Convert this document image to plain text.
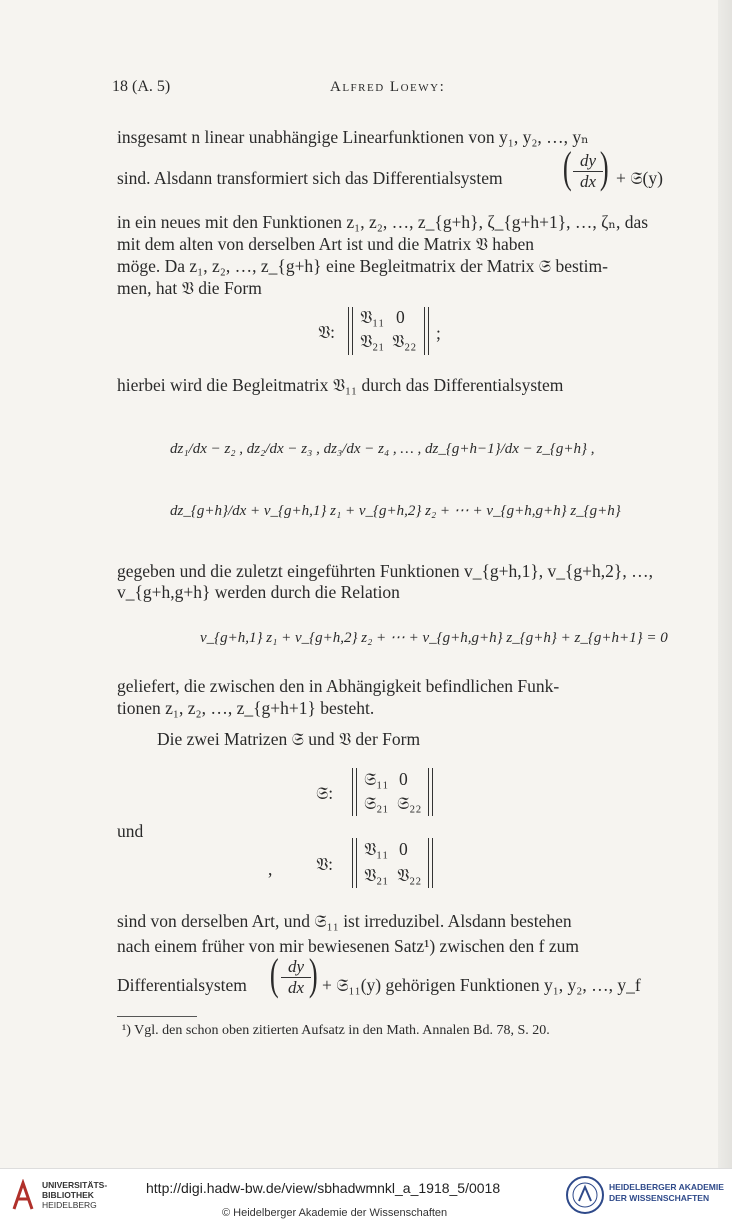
18 (A. 5)	Alfred Loewy:
insgesamt n linear unabhängige Linearfunktionen von y₁, y₂, …, yₙ
sind. Alsdann transformiert sich das Differentialsystem ( $\frac{dy}{dx}$
) + 𝔖(y)
in ein neues mit den Funktionen z₁, z₂, …, z_{g+h}, ζ_{g+h+1}, …, ζₙ, das
mit dem alten von derselben Art ist und die Matrix 𝔙 haben
möge. Da z₁, z₂, …, z_{g+h} eine Begleitmatrix der Matrix 𝔖 bestim-
men, hat 𝔙 die Form
𝔙:
𝔙₁₁ 0
𝔙₂₁ 𝔙₂₂ ;
hierbei wird die Begleitmatrix 𝔙₁₁ durch das Differentialsystem
dz₁/dx − z₂ , dz₂/dx − z₃ , dz₃/dx − z₄ , … , dz_{g+h−1}/dx − z_{g+h} ,
dz_{g+h}/dx + v_{g+h,1} z₁ + v_{g+h,2} z₂ + ⋯ + v_{g+h,g+h} z_{g+h}
gegeben und die zuletzt eingeführten Funktionen v_{g+h,1}, v_{g+h,2}, …,
v_{g+h,g+h} werden durch die Relation
v_{g+h,1} z₁ + v_{g+h,2} z₂ + ⋯ + v_{g+h,g+h} z_{g+h} + z_{g+h+1} = 0
geliefert, die zwischen den in Abhängigkeit befindlichen Funk-
tionen z₁, z₂, …, z_{g+h+1} besteht.
Die zwei Matrizen 𝔖 und 𝔙 der Form
𝔖:
𝔖₁₁ 0
𝔖₂₁ 𝔖₂₂
und
𝔙:
𝔙₁₁ 0
𝔙₂₁ 𝔙₂₂
,
sind von derselben Art, und 𝔖₁₁ ist irreduzibel. Alsdann bestehen
nach einem früher von mir bewiesenen Satz¹) zwischen den f zum
Differentialsystem ( $\frac{dy}{dx}$
) + 𝔖₁₁(y) gehörigen Funktionen y₁, y₂, …, y_f
¹) Vgl. den schon oben zitierten Aufsatz in den Math. Annalen Bd. 78, S. 20.
UNIVERSITÄTS-
BIBLIOTHEK
HEIDELBERG
http://digi.hadw-bw.de/view/sbhadwmnkl_a_1918_5/0018
© Heidelberger Akademie der Wissenschaften
HEIDELBERGER AKADEMIE
DER WISSENSCHAFTEN
